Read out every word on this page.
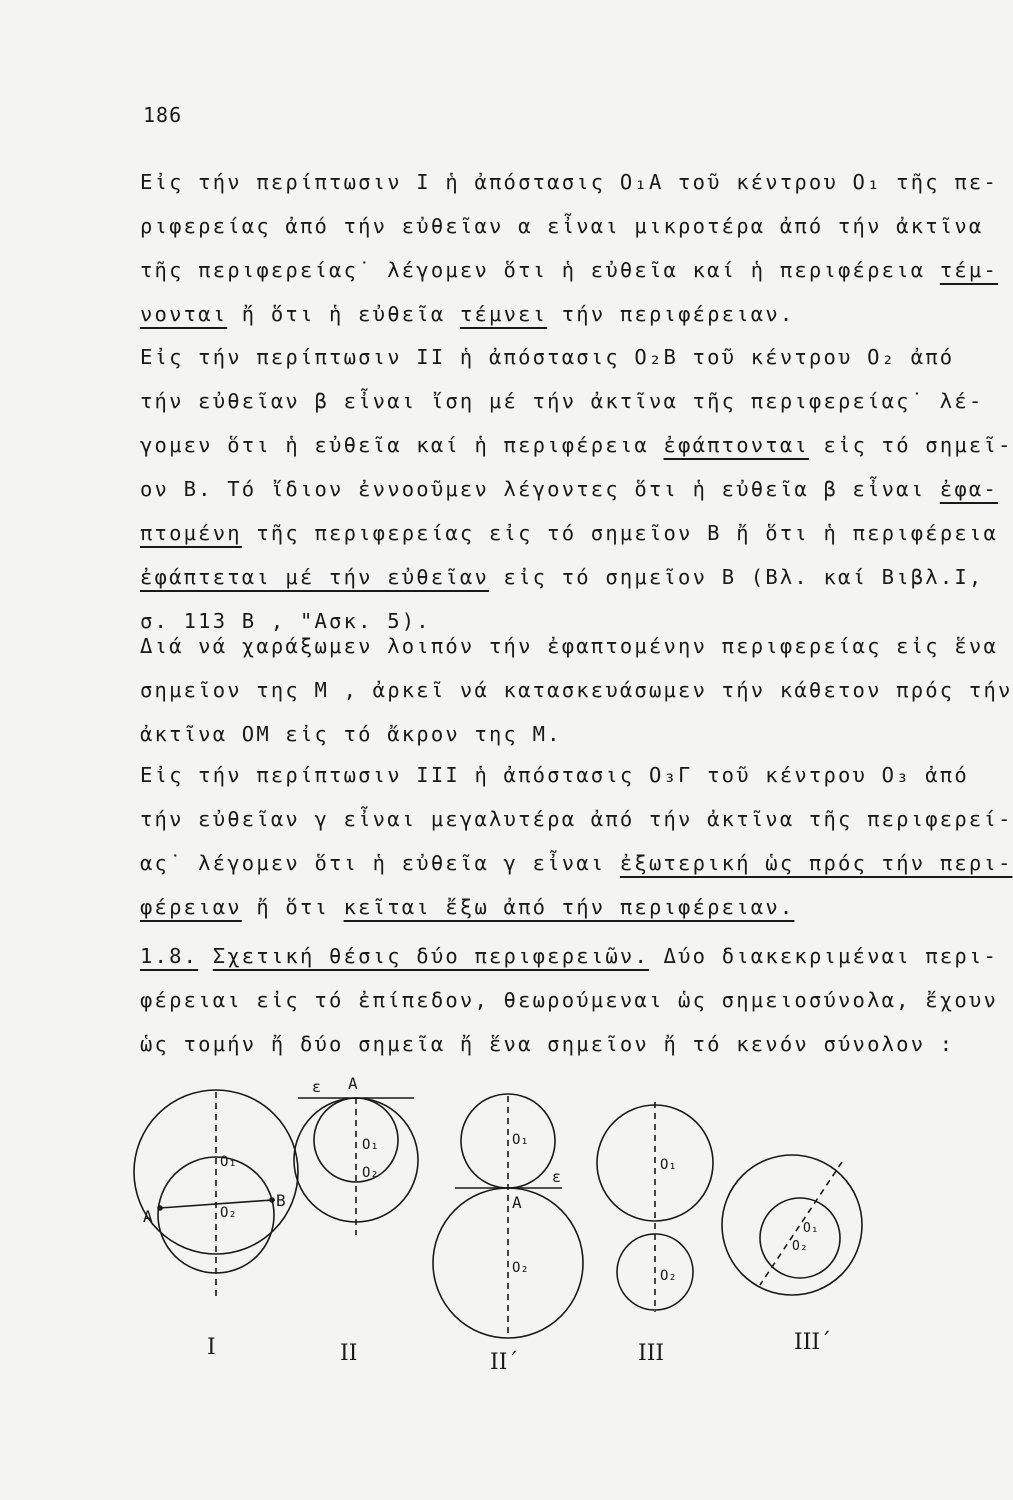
186
Εἰς τήν περίπτωσιν Ι ἡ ἀπόστασις Ο₁Α τοῦ κέντρου Ο₁ τῆς πε-
ριφερείας ἀπό τήν εὐθεῖαν α εἶναι μικροτέρα ἀπό τήν ἀκτῖνα
τῆς περιφερείας˙ λέγομεν ὅτι ἡ εὐθεῖα καί ἡ περιφέρεια τέμ-
νονται ἤ ὅτι ἡ εὐθεῖα τέμνει τήν περιφέρειαν.
Εἰς τήν περίπτωσιν ΙΙ ἡ ἀπόστασις Ο₂Β τοῦ κέντρου Ο₂ ἀπό
τήν εὐθεῖαν β εἶναι ἴση μέ τήν ἀκτῖνα τῆς περιφερείας˙ λέ-
γομεν ὅτι ἡ εὐθεῖα καί ἡ περιφέρεια ἐφάπτονται εἰς τό σημεῖ-
ον Β. Τό ἴδιον ἐννοοῦμεν λέγοντες ὅτι ἡ εὐθεῖα β εἶναι ἐφα-
πτομένη τῆς περιφερείας εἰς τό σημεῖον Β ἤ ὅτι ἡ περιφέρεια
ἐφάπτεται μέ τήν εὐθεῖαν εἰς τό σημεῖον Β (Βλ. καί Βιβλ.Ι,
σ. 113 Β , "Ασκ. 5).
Διά νά χαράξωμεν λοιπόν τήν ἐφαπτομένην περιφερείας εἰς ἕνα
σημεῖον της Μ , ἀρκεῖ νά κατασκευάσωμεν τήν κάθετον πρός τήν
ἀκτῖνα ΟΜ εἰς τό ἄκρον της Μ.
Εἰς τήν περίπτωσιν ΙΙΙ ἡ ἀπόστασις Ο₃Γ τοῦ κέντρου Ο₃ ἀπό
τήν εὐθεῖαν γ εἶναι μεγαλυτέρα ἀπό τήν ἀκτῖνα τῆς περιφερεί-
ας˙ λέγομεν ὅτι ἡ εὐθεῖα γ εἶναι ἐξωτερική ὡς πρός τήν περι-
φέρειαν ἤ ὅτι κεῖται ἔξω ἀπό τήν περιφέρειαν.
1.8. Σχετική θέσις δύο περιφερειῶν. Δύο διακεκριμέναι περι-
φέρειαι εἰς τό ἐπίπεδον, θεωρούμεναι ὡς σημειοσύνολα, ἔχουν
ὡς τομήν ἤ δύο σημεῖα ἤ ἕνα σημεῖον ἤ τό κενόν σύνολον :
O₁
O₂
A
B
ε A
O₁
O₂
O₁
A
ε
O₂
O₁
O₂
O₁
O₂
Ι	ΙΙ	ΙΙ΄	ΙΙΙ	ΙΙΙ΄
